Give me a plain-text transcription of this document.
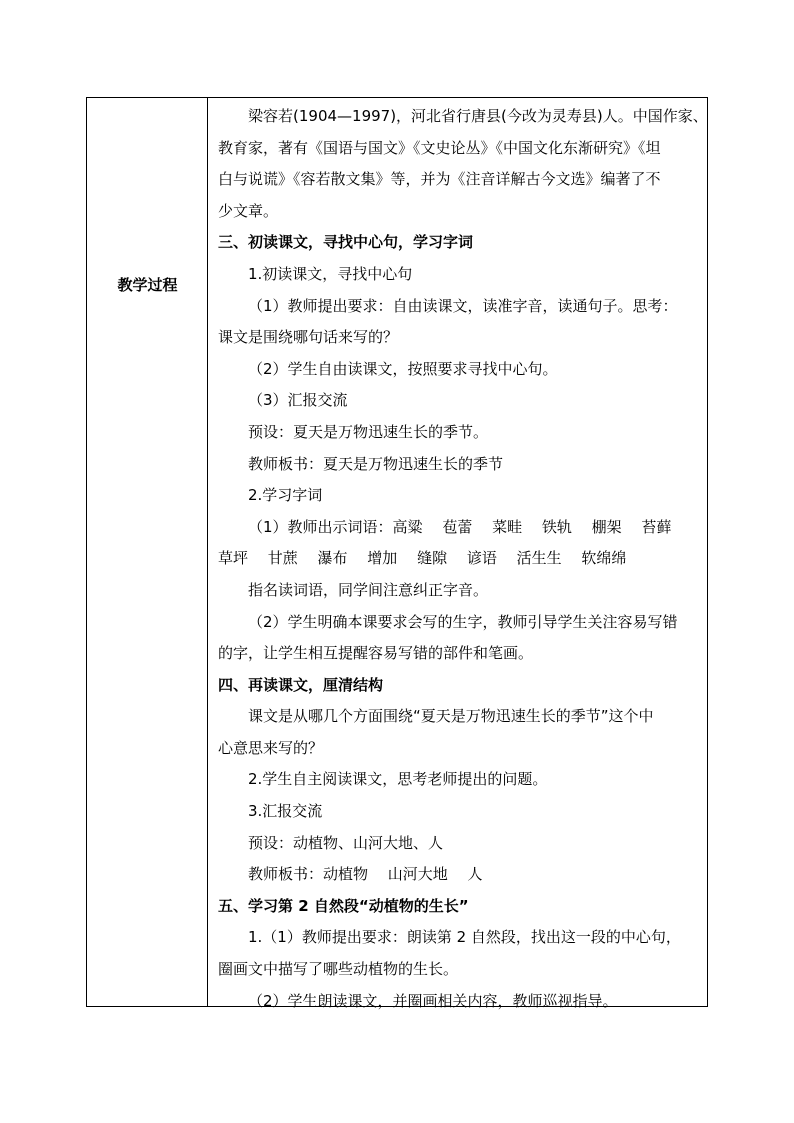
教学过程

梁容若(1904—1997)，河北省行唐县(今改为灵寿县)人。中国作家、

教育家，著有《国语与国文》《文史论丛》《中国文化东渐研究》《坦

白与说谎》《容若散文集》等，并为《注音详解古今文选》编著了不

少文章。

三、初读课文，寻找中心句，学习字词

1.初读课文，寻找中心句

（1）教师提出要求：自由读课文，读准字音，读通句子。思考：

课文是围绕哪句话来写的？

（2）学生自由读课文，按照要求寻找中心句。

（3）汇报交流

预设：夏天是万物迅速生长的季节。

教师板书：夏天是万物迅速生长的季节

2.学习字词

（1）教师出示词语：高粱　 苞蕾　 菜畦　 铁轨　 棚架　 苔藓

草坪　 甘蔗　 瀑布　 增加　 缝隙　 谚语　 活生生　 软绵绵

指名读词语，同学间注意纠正字音。

（2）学生明确本课要求会写的生字，教师引导学生关注容易写错

的字，让学生相互提醒容易写错的部件和笔画。

四、再读课文，厘清结构

课文是从哪几个方面围绕“夏天是万物迅速生长的季节”这个中

心意思来写的？

2.学生自主阅读课文，思考老师提出的问题。

3.汇报交流

预设：动植物、山河大地、人

教师板书：动植物　 山河大地　 人

五、学习第 2 自然段“动植物的生长”

1.（1）教师提出要求：朗读第 2 自然段，找出这一段的中心句，

圈画文中描写了哪些动植物的生长。

（2）学生朗读课文，并圈画相关内容，教师巡视指导。
